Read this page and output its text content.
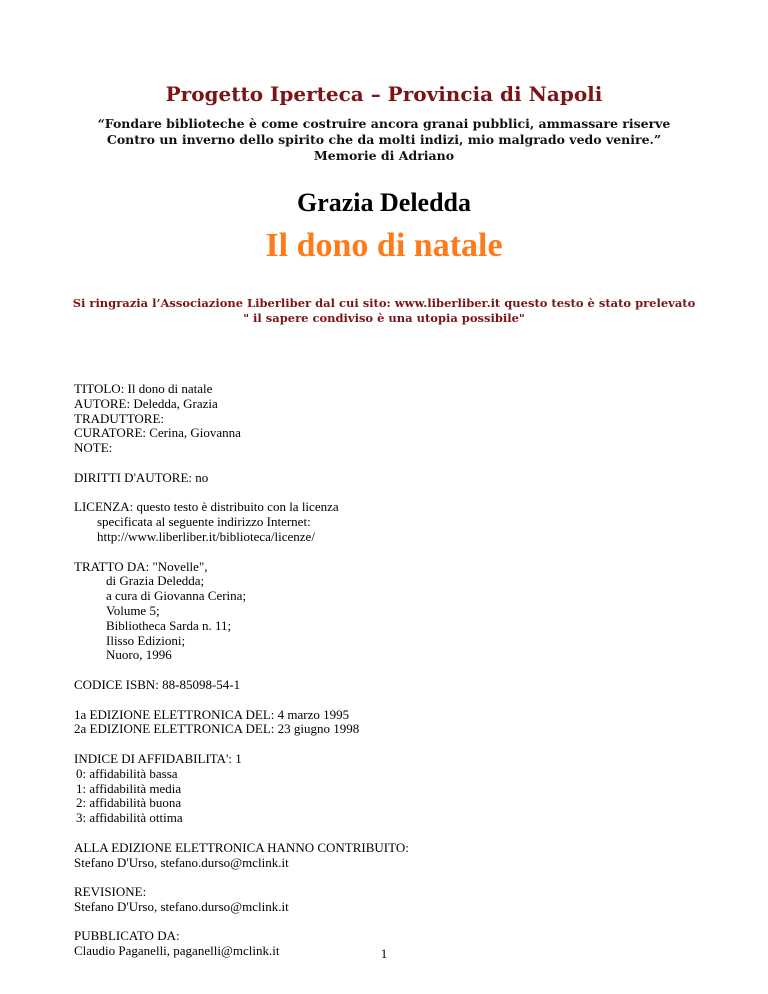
Progetto Iperteca – Provincia di Napoli
“Fondare biblioteche è come costruire ancora granai pubblici, ammassare riserve
Contro un inverno dello spirito che da molti indizi, mio malgrado vedo venire.”
Memorie di Adriano
Grazia Deledda
Il dono di natale
Si ringrazia l’Associazione Liberliber dal cui sito: www.liberliber.it questo testo è stato prelevato
" il sapere condiviso è una utopia possibile"
TITOLO: Il dono di natale
AUTORE: Deledda, Grazia
TRADUTTORE:
CURATORE: Cerina, Giovanna
NOTE:
DIRITTI D'AUTORE: no
LICENZA: questo testo è distribuito con la licenza
specificata al seguente indirizzo Internet:
http://www.liberliber.it/biblioteca/licenze/
TRATTO DA: "Novelle",
di Grazia Deledda;
a cura di Giovanna Cerina;
Volume 5;
Bibliotheca Sarda n. 11;
Ilisso Edizioni;
Nuoro, 1996
CODICE ISBN: 88-85098-54-1
1a EDIZIONE ELETTRONICA DEL: 4 marzo 1995
2a EDIZIONE ELETTRONICA DEL: 23 giugno 1998
INDICE DI AFFIDABILITA': 1
0: affidabilità bassa
1: affidabilità media
2: affidabilità buona
3: affidabilità ottima
ALLA EDIZIONE ELETTRONICA HANNO CONTRIBUITO:
Stefano D'Urso, stefano.durso@mclink.it
REVISIONE:
Stefano D'Urso, stefano.durso@mclink.it
PUBBLICATO DA:
Claudio Paganelli, paganelli@mclink.it	1
